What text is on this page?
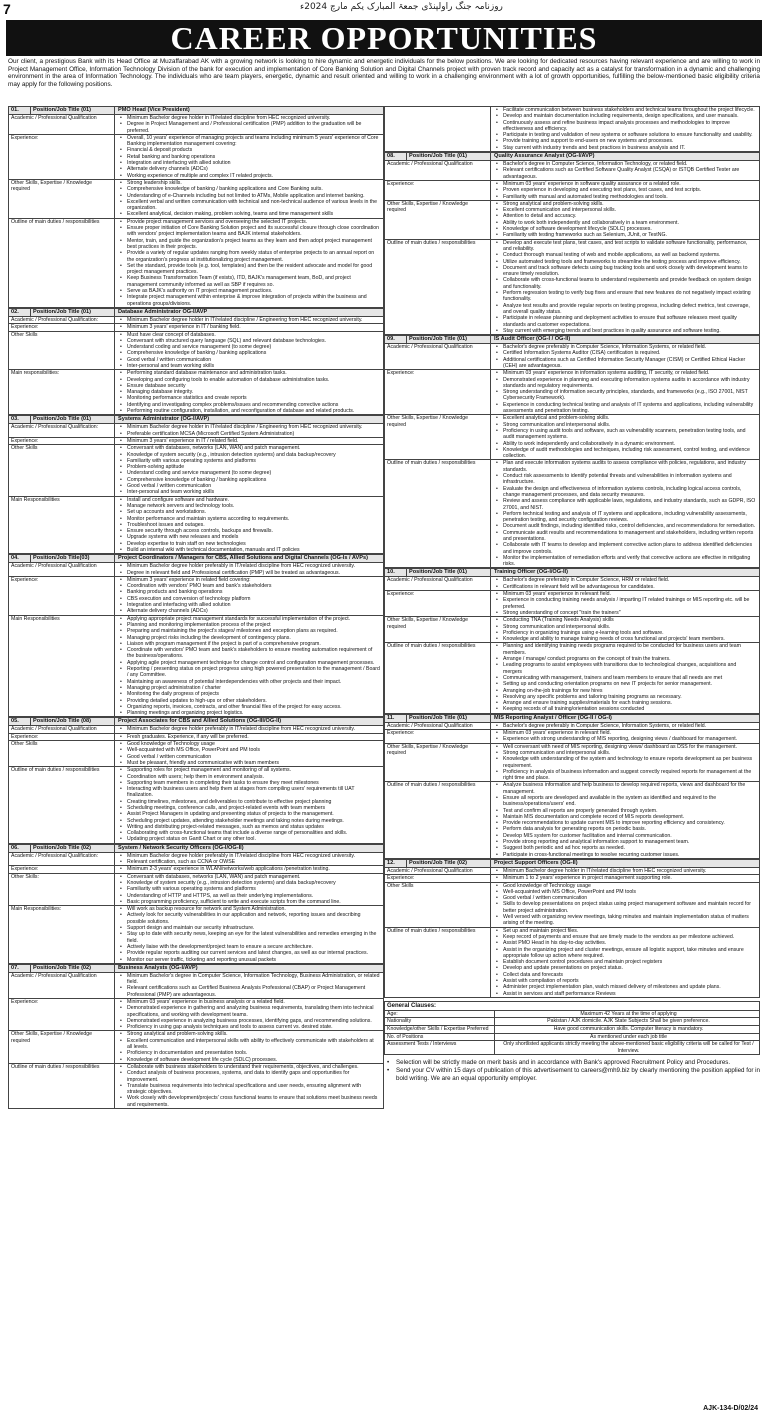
7	روزنامہ جنگ راولپنڈی جمعۃ المبارک یکم مارچ 2024ء
CAREER OPPORTUNITIES
Our client, a prestigious Bank with its Head Office at Muzaffarabad AK with a growing network is looking to hire dynamic and energetic individuals for the below positions. We are looking for dedicated resources having relevant experience and are willing to work in Project Management Office, Information Technology Division of the bank for execution and implementation of Core Banking Solution and Digital Channels project with proven track record and capacity act as a catalyst for transformation in a dynamic and challenging environment in the area of Information Technology. The individuals who are team players, energetic, dynamic and result oriented and willing to work in a challenging environment with a lot of growth opportunities, fulfilling the below-mentioned basic eligibility criteria may apply for the following positions.
01.	Position/Job Title (01)	PMO Head (Vice President)
Academic / Professional Qualification	• Minimum Bachelor degree holder in IT/related discipline from HEC recognized university.
• Degree in Project Management and / Professional certification (PMP) addition to the graduation will be preferred.
Experience:	• Overall, 10 years' experience of managing projects and teams including minimum 5 years' experience of Core Banking implementation management covering:
• Financial & deposit products
• Retail banking and banking operations
• Integration and interfacing with allied solution
• Alternate delivery channels (ADCs)
• Working experience of multiple and complex IT related projects.
Other Skills, Expertise / Knowledge required
• Strong leadership skills.
• Comprehensive knowledge of banking / banking applications and Core Banking suits.
• Understanding of e-Channels including but not limited to ATMs, Mobile application and internet banking.
• Excellent verbal and written communication with technical and non-technical audience of various levels in the organization.
• Excellent analytical, decision making, problem solving, teams and time management skills
Outline of main duties / responsibilities	• Provide project management services and overseeing the selected IT projects.
• Ensure proper initiation of Core Banking Solution project and its successful closure through close coordination with vendors' project implementation teams and BAJK internal stakeholders.
• Mentor, train, and guide the organization's project teams as they learn and then adopt project management best practices in their projects.
• Provide a variety of regular updates ranging from weekly status of enterprise projects to an annual report on the organization's progress at institutionalizing project management.
• Set the standard, provide tools (e.g. tool, templates) and then be the resident advocate and model for good project management practices.
• Keep Business Transformation Team (if exists), ITD, BAJK's management team, BoD, and project management community informed as well as SBP if requires so.
• Serve as BAJK's authority on IT project management practices.
• Integrate project management within enterprise & improve integration of projects within the business and operations groups/divisions.
02.	Position/Job Title (01)	Database Administrator OG-I/AVP
Academic / Professional Qualification:	• Minimum Bachelor degree holder in IT/related discipline / Engineering from HEC recognized university.
Experience:	• Minimum 3 years' experience in IT / banking field.
Other Skills	• Must have clear concept of databases.
• Conversant with structured query language (SQL) and relevant database technologies.
• Understand coding and service management (to some degree)
• Comprehensive knowledge of banking / banking applications
• Good verbal / written communication
• Inter-personal and team working skills
Main responsibilities:	• Performing standard database maintenance and administration tasks.
• Developing and configuring tools to enable automation of database administration tasks.
• Ensure database security
• Managing database integrity.
• Monitoring performance statistics and create reports
• Identifying and investigating complex problems/issues and recommending corrective actions
• Performing routine configuration, installation, and reconfiguration of database and related products.
03.	Position/Job Title (01)	Systems Administrator (OG-I/AVP)
Academic / Professional Qualification:	• Minimum Bachelor degree holder in IT/related discipline / Engineering from HEC recognized university.
• Preferable certification MCSA (Microsoft Certified System Administration)
Experience:	• Minimum 3 years' experience in IT / related field.
Other Skills	• Conversant with databases, networks (LAN, WAN) and patch management.
• Knowledge of system security (e.g., intrusion detection systems) and data backup/recovery
• Familiarity with various operating systems and platforms
• Problem-solving aptitude
• Understand coding and service management (to some degree)
• Comprehensive knowledge of banking / banking applications
• Good verbal / written communication
• Inter-personal and team working skills
Main Responsibilities	• Install and configure software and hardware.
• Manage network servers and technology tools.
• Set up accounts and workstations.
• Monitor performance and maintain systems according to requirements.
• Troubleshoot issues and outages.
• Ensure security through access controls, backups and firewalls.
• Upgrade systems with new releases and models
• Develop expertise to train staff on new technologies
• Build an internal wiki with technical documentation, manuals and IT policies
04.	Position/Job Title(03)	Project Coordinators / Managers for CBS, Allied Solutions and Digital Channels (OG-Is / AVPs)
Academic / Professional Qualification	• Minimum Bachelor degree holder preferably in IT/related discipline from HEC recognized university.
• Degree in relevant field and Professional certification (PMP) will be treated as advantageous.
Experience:	• Minimum 3 years' experience in related field covering:
• Coordination with vendors' PMO team and bank's stakeholders
• Banking products and banking operations
• CBS execution and conversion of technology platform
• Integration and interfacing with allied solution
• Alternate delivery channels (ADCs)
Main Responsibilities	• Applying appropriate project management standards for successful implementation of the project.
• Planning and monitoring implementation process of the project
• Preparing and maintaining the project's stages/ milestones and exception plans as required.
• Managing project risks including the development of contingency plans.
• Liaison with program management if the project is part of a comprehensive program.
• Coordinate with vendors' PMO team and bank's stakeholders to ensure meeting automation requirement of the business/operations.
• Applying agile project management technique for change control and configuration management processes.
• Reporting / presenting status on project progress using high powered presentation to the management / Board / any Committee.
• Maintaining an awareness of potential interdependencies with other projects and their impact.
• Managing project administration / charter
• Monitoring the daily progress of projects
• Providing detailed updates to high-ups or other stakeholders.
• Organizing reports, invoices, contracts, and other financial files of the project for easy access.
• Planning meetings and organizing project logistics.
05.	Position/Job Title (08)	Project Associates for CBS and Allied Solutions (OG-III/OG-II)
Academic / Professional Qualification	• Minimum Bachelor degree holder preferably in IT/related discipline from HEC recognized university.
Experience:	• Fresh graduates. Experience, if any will be preferred.
Other Skills	• Good knowledge of Technology usage
• Well-acquainted with MS Office, PowerPoint and PM tools
• Good verbal / written communication
• Must be pleasant, friendly and communicative with team members
Outline of main duties / responsibilities	• Supporting roles for project management and monitoring of all systems.
• Coordination with users; help them in environment analysis.
• Supporting team members in completing their tasks to ensure they meet milestones
• Interacting with business users and help them at stages from compiling users' requirements till UAT finalization.
• Creating timelines, milestones, and deliverables to contribute to effective project planning
• Scheduling meetings, conference calls, and project-related events with team members
• Assist Project Managers in updating and presenting status of projects to the management.
• Scheduling project updates, attending stakeholder meetings and taking notes during meetings.
• Writing and distributing project-related messages, such as memos and status updates
• Collaborating with cross-functional teams that include a diverse range of personalities and skills.
• Updating project status on Gantt Chart or any other tool.
06.	Position/Job Title (02)	System / Network Security Officers (OG-I/OG-II)
Academic / Professional Qualification:	• Minimum Bachelor degree holder preferably in IT/related discipline from HEC recognized university.
• Relevant certification, such as CCNA or OWSE
Experience:	• Minimum 2-3 years' experience in WLAN/networks/web applications /penetration testing.
Other Skills:	• Conversant with databases, networks (LAN, WAN) and patch management.
• Knowledge of system security (e.g., intrusion detection systems) and data backup/recovery
• Familiarity with various operating systems and platforms
• Understanding of HTTP and HTTPS, as well as their underlying implementations.
• Basic programming proficiency, sufficient to write and execute scripts from the command line.
Main Responsibilities:	• Will work as backup resource for network and System Administration.
• Actively look for security vulnerabilities in our application and network, reporting issues and describing possible solutions.
• Support design and maintain our security infrastructure.
• Stay up to date with security news, keeping an eye for the latest vulnerabilities and remedies emerging in the field.
• Actively liaise with the development/project team to ensure a secure architecture.
• Provide regular reports auditing our current services and latest changes, as well as our internal practices.
• Monitor our server traffic, ticketing and reporting unusual packets
07.	Position/Job Title (02)	Business Analysts (OG-I/AVP)
Academic / Professional Qualification	• Minimum Bachelor's degree in Computer Science, Information Technology, Business Administration, or related field.
• Relevant certifications such as Certified Business Analysis Professional (CBAP) or Project Management Professional (PMP) are advantageous.
Experience:	• Minimum 03 years' experience in business analysis or a related field.
• Demonstrated experience in gathering and analyzing business requirements, translating them into technical specifications, and working with development teams.
• Demonstrated experience in analyzing business processes, identifying gaps, and recommending solutions.
• Proficiency in using gap analysis techniques and tools to assess current vs. desired state.
Other Skills, Expertise / Knowledge required
• Strong analytical and problem-solving skills.
• Excellent communication and interpersonal skills with ability to effectively communicate with stakeholders at all levels.
• Proficiency in documentation and presentation tools.
• Knowledge of software development life cycle (SDLC) processes.
Outline of main duties / responsibilities	• Collaborate with business stakeholders to understand their requirements, objectives, and challenges.
• Conduct analysis of business processes, systems, and data to identify gaps and opportunities for improvement.
• Translate business requirements into technical specifications and user needs, ensuring alignment with strategic objectives.
• Work closely with development/projects' cross functional teams to ensure that solutions meet business needs and requirements.
• Facilitate communication between business stakeholders and technical teams throughout the project lifecycle.
• Develop and maintain documentation including requirements, design specifications, and user manuals.
• Continuously assess and refine business impact analysis processes and methodologies to improve effectiveness and efficiency.
• Participate in testing and validation of new systems or software solutions to ensure functionality and usability.
• Provide training and support to end-users on new systems and processes.
• Stay current with industry trends and best practices in business analysis and IT.
08.	Position/Job Title (01)	Quality Assurance Analyst (OG-I/AVP)
Academic / Professional Qualification	• Bachelor's degree in Computer Science, Information Technology, or related field.
• Relevant certifications such as Certified Software Quality Analyst (CSQA) or ISTQB Certified Tester are advantageous.
Experience:	• Minimum 03 years' experience in software quality assurance or a related role.
• Proven experience in developing and executing test plans, test cases, and test scripts.
• Familiarity with manual and automated testing methodologies and tools.
Other Skills, Expertise / Knowledge required
• Strong analytical and problem-solving skills.
• Excellent communication and interpersonal skills.
• Attention to detail and accuracy.
• Ability to work both independently and collaboratively in a team environment.
• Knowledge of software development lifecycle (SDLC) processes.
• Familiarity with testing frameworks such as Selenium, JUnit, or TestNG.
Outline of main duties / responsibilities	• Develop and execute test plans, test cases, and test scripts to validate software functionality, performance, and reliability.
• Conduct thorough manual testing of web and mobile applications, as well as backend systems.
• Utilize automated testing tools and frameworks to streamline the testing process and improve efficiency.
• Document and track software defects using bug tracking tools and work closely with development teams to ensure timely resolution.
• Collaborate with cross-functional teams to understand requirements and provide feedback on system design and functionality.
• Perform regression testing to verify bug fixes and ensure that new features do not negatively impact existing functionality.
• Analyze test results and provide regular reports on testing progress, including defect metrics, test coverage, and overall quality status.
• Participate in release planning and deployment activities to ensure that software releases meet quality standards and customer expectations.
• Stay current with emerging trends and best practices in quality assurance and software testing.
09.	Position/Job Title (01)	IS Audit Officer (OG-I / OG-II)
Academic / Professional Qualification	• Bachelor's degree preferably in Computer Science, Information Systems, or related field.
• Certified Information Systems Auditor (CISA) certification is required.
• Additional certifications such as Certified Information Security Manager (CISM) or Certified Ethical Hacker (CEH) are advantageous.
Experience:	• Minimum 03 years' experience in information systems auditing, IT security, or related field.
• Demonstrated experience in planning and executing information systems audits in accordance with industry standards and regulatory requirements.
• Strong understanding of information security principles, standards, and frameworks (e.g., ISO 27001, NIST Cybersecurity Framework).
• Experience in conducting technical testing and analysis of IT systems and applications, including vulnerability assessments and penetration testing.
Other Skills, Expertise / Knowledge required
• Excellent analytical and problem-solving skills.
• Strong communication and interpersonal skills.
• Proficiency in using audit tools and software, such as vulnerability scanners, penetration testing tools, and audit management systems.
• Ability to work independently and collaboratively in a dynamic environment.
• Knowledge of audit methodologies and techniques, including risk assessment, control testing, and evidence collection.
Outline of main duties / responsibilities	• Plan and execute information systems audits to assess compliance with policies, regulations, and industry standards.
• Conduct risk assessments to identify potential threats and vulnerabilities in information systems and infrastructure.
• Evaluate the design and effectiveness of information systems controls, including logical access controls, change management processes, and data security measures.
• Review and assess compliance with applicable laws, regulations, and industry standards, such as GDPR, ISO 27001, and NIST.
• Perform technical testing and analysis of IT systems and applications, including vulnerability assessments, penetration testing, and security configuration reviews.
• Document audit findings, including identified risks, control deficiencies, and recommendations for remediation.
• Communicate audit results and recommendations to management and stakeholders, including written reports and presentations.
• Collaborate with IT teams to develop and implement corrective action plans to address identified deficiencies and improve controls.
• Monitor the implementation of remediation efforts and verify that corrective actions are effective in mitigating risks.
10.	Position/Job Title (01)	Training Officer (OG-I/OG-II)
Academic / Professional Qualification	• Bachelor's degree preferably in Computer Science, HRM or related field.
• Certifications in relevant field will be advantageous for candidates.
Experience:	• Minimum 03 years' experience in relevant field.
• Experience in conducting training needs analysis / imparting IT related trainings or MIS reporting etc. will be preferred.
• Strong understanding of concept "train the trainers"
Other Skills, Expertise / Knowledge required
• Conducting TNA (Training Needs Analysis) skills
• Strong communication and interpersonal skills.
• Proficiency in organizing trainings using e-learning tools and software.
• Knowledge and ability to manage training needs of cross functional and projects' team members.
Outline of main duties / responsibilities	• Planning and identifying training needs programs required to be conducted for business users and team members.
• Arrange / manage/ conduct programs on the concept of train the trainers.
• Leading programs to assist employees with transitions due to technological changes, acquisitions and mergers
• Communicating with management, trainers and team members to ensure that all needs are met
• Setting up and conducting orientation programs on new IT projects for senior management.
• Arranging on-the-job trainings for new hires
• Resolving any specific problems and tailoring training programs as necessary.
• Arrange and ensure training supplies/materials for each training sessions.
• Keeping records of all training/orientation sessions conducted
11.	Position/Job Title (01)	MIS Reporting Analyst / Officer (OG-II / OG-I)
Academic / Professional Qualification	• Bachelor's degree preferably in Computer Science, Information Systems, or related field.
Experience:	• Minimum 03 years' experience in relevant field.
• Experience with strong understanding of MIS reporting, designing views / dashboard for management.
Other Skills, Expertise / Knowledge required
• Well conversant with need of MIS reporting, designing views/ dashboard as DSS for the management.
• Strong communication and interpersonal skills.
• Knowledge with understanding of the system and technology to ensure reports development as per business requirement.
• Proficiency in analysis of business information and suggest correctly required reports for management at the right time and place.
Outline of main duties / responsibilities	• Analyze business information and help business to develop required reports, views and dashboard for the management.
• Ensure all reports are developed and available in the system as identified and required to the business/operations/users' end.
• Test and confirm all reports are properly generated through system.
• Maintain MIS documentation and complete record of MIS reports development.
• Provide recommendations to update current MIS to improve reporting efficiency and consistency.
• Perform data analysis for generating reports on periodic basis.
• Develop MIS system for customer facilitation and internal communication.
• Provide strong reporting and analytical information support to management team.
• Suggest both periodic and ad hoc reports as needed.
• Participate in cross-functional meetings to resolve recurring customer issues.
12.	Position/Job Title (02)	Project Support Officers (OG-II)
Academic / Professional Qualification	• Minimum Bachelor degree holder in IT/related discipline from HEC recognized university.
Experience:	• Minimum 1 to 2 years' experience in project management supporting role.
Other Skills	• Good knowledge of Technology usage
• Well-acquainted with MS Office, PowerPoint and PM tools
• Good verbal / written communication
• Skills to develop presentations on project status using project management software and maintain record for better project administration.
• Well versed with organizing review meetings, taking minutes and maintain implementation status of matters arising of the meeting.
Outline of main duties / responsibilities	• Set up and maintain project files.
• Keep record of payments and ensure that are timely made to the vendors as per milestone achieved.
• Assist PMO Head in his day-to-day activities.
• Assist in the organizing project and cluster meetings, ensure all logistic support, take minutes and ensure appropriate follow up action where required.
• Establish document control procedures and maintain project registers
• Develop and update presentations on project status.
• Collect data and forecasts
• Assist with compilation of reports
• Administer project implementation plan, watch missed delivery of milestones and update plans.
• Assist in services and staff performance Reviews
General Clauses:
Age:	Maximum 42 Years at the time of applying
Nationality	Pakistan / AJK domicile. AJK State Subjects Shall be given preference.
Knowledge/other Skills / Expertise Preferred	Have good communication skills. Computer literacy is mandatory.
No. of Positions	As mentioned under each job title
Assessment Tests / Interviews	Only shortlisted applicants strictly meeting the above-mentioned basic eligibility criteria will be called for Test / Interview.
• Selection will be strictly made on merit basis and in accordance with Bank's approved Recruitment Policy and Procedures.
• Send your CV within 15 days of publication of this advertisement to careers@mh9.biz by clearly mentioning the position applied for in bold writing. We are an equal opportunity employer.
AJK-134-D/02/24
